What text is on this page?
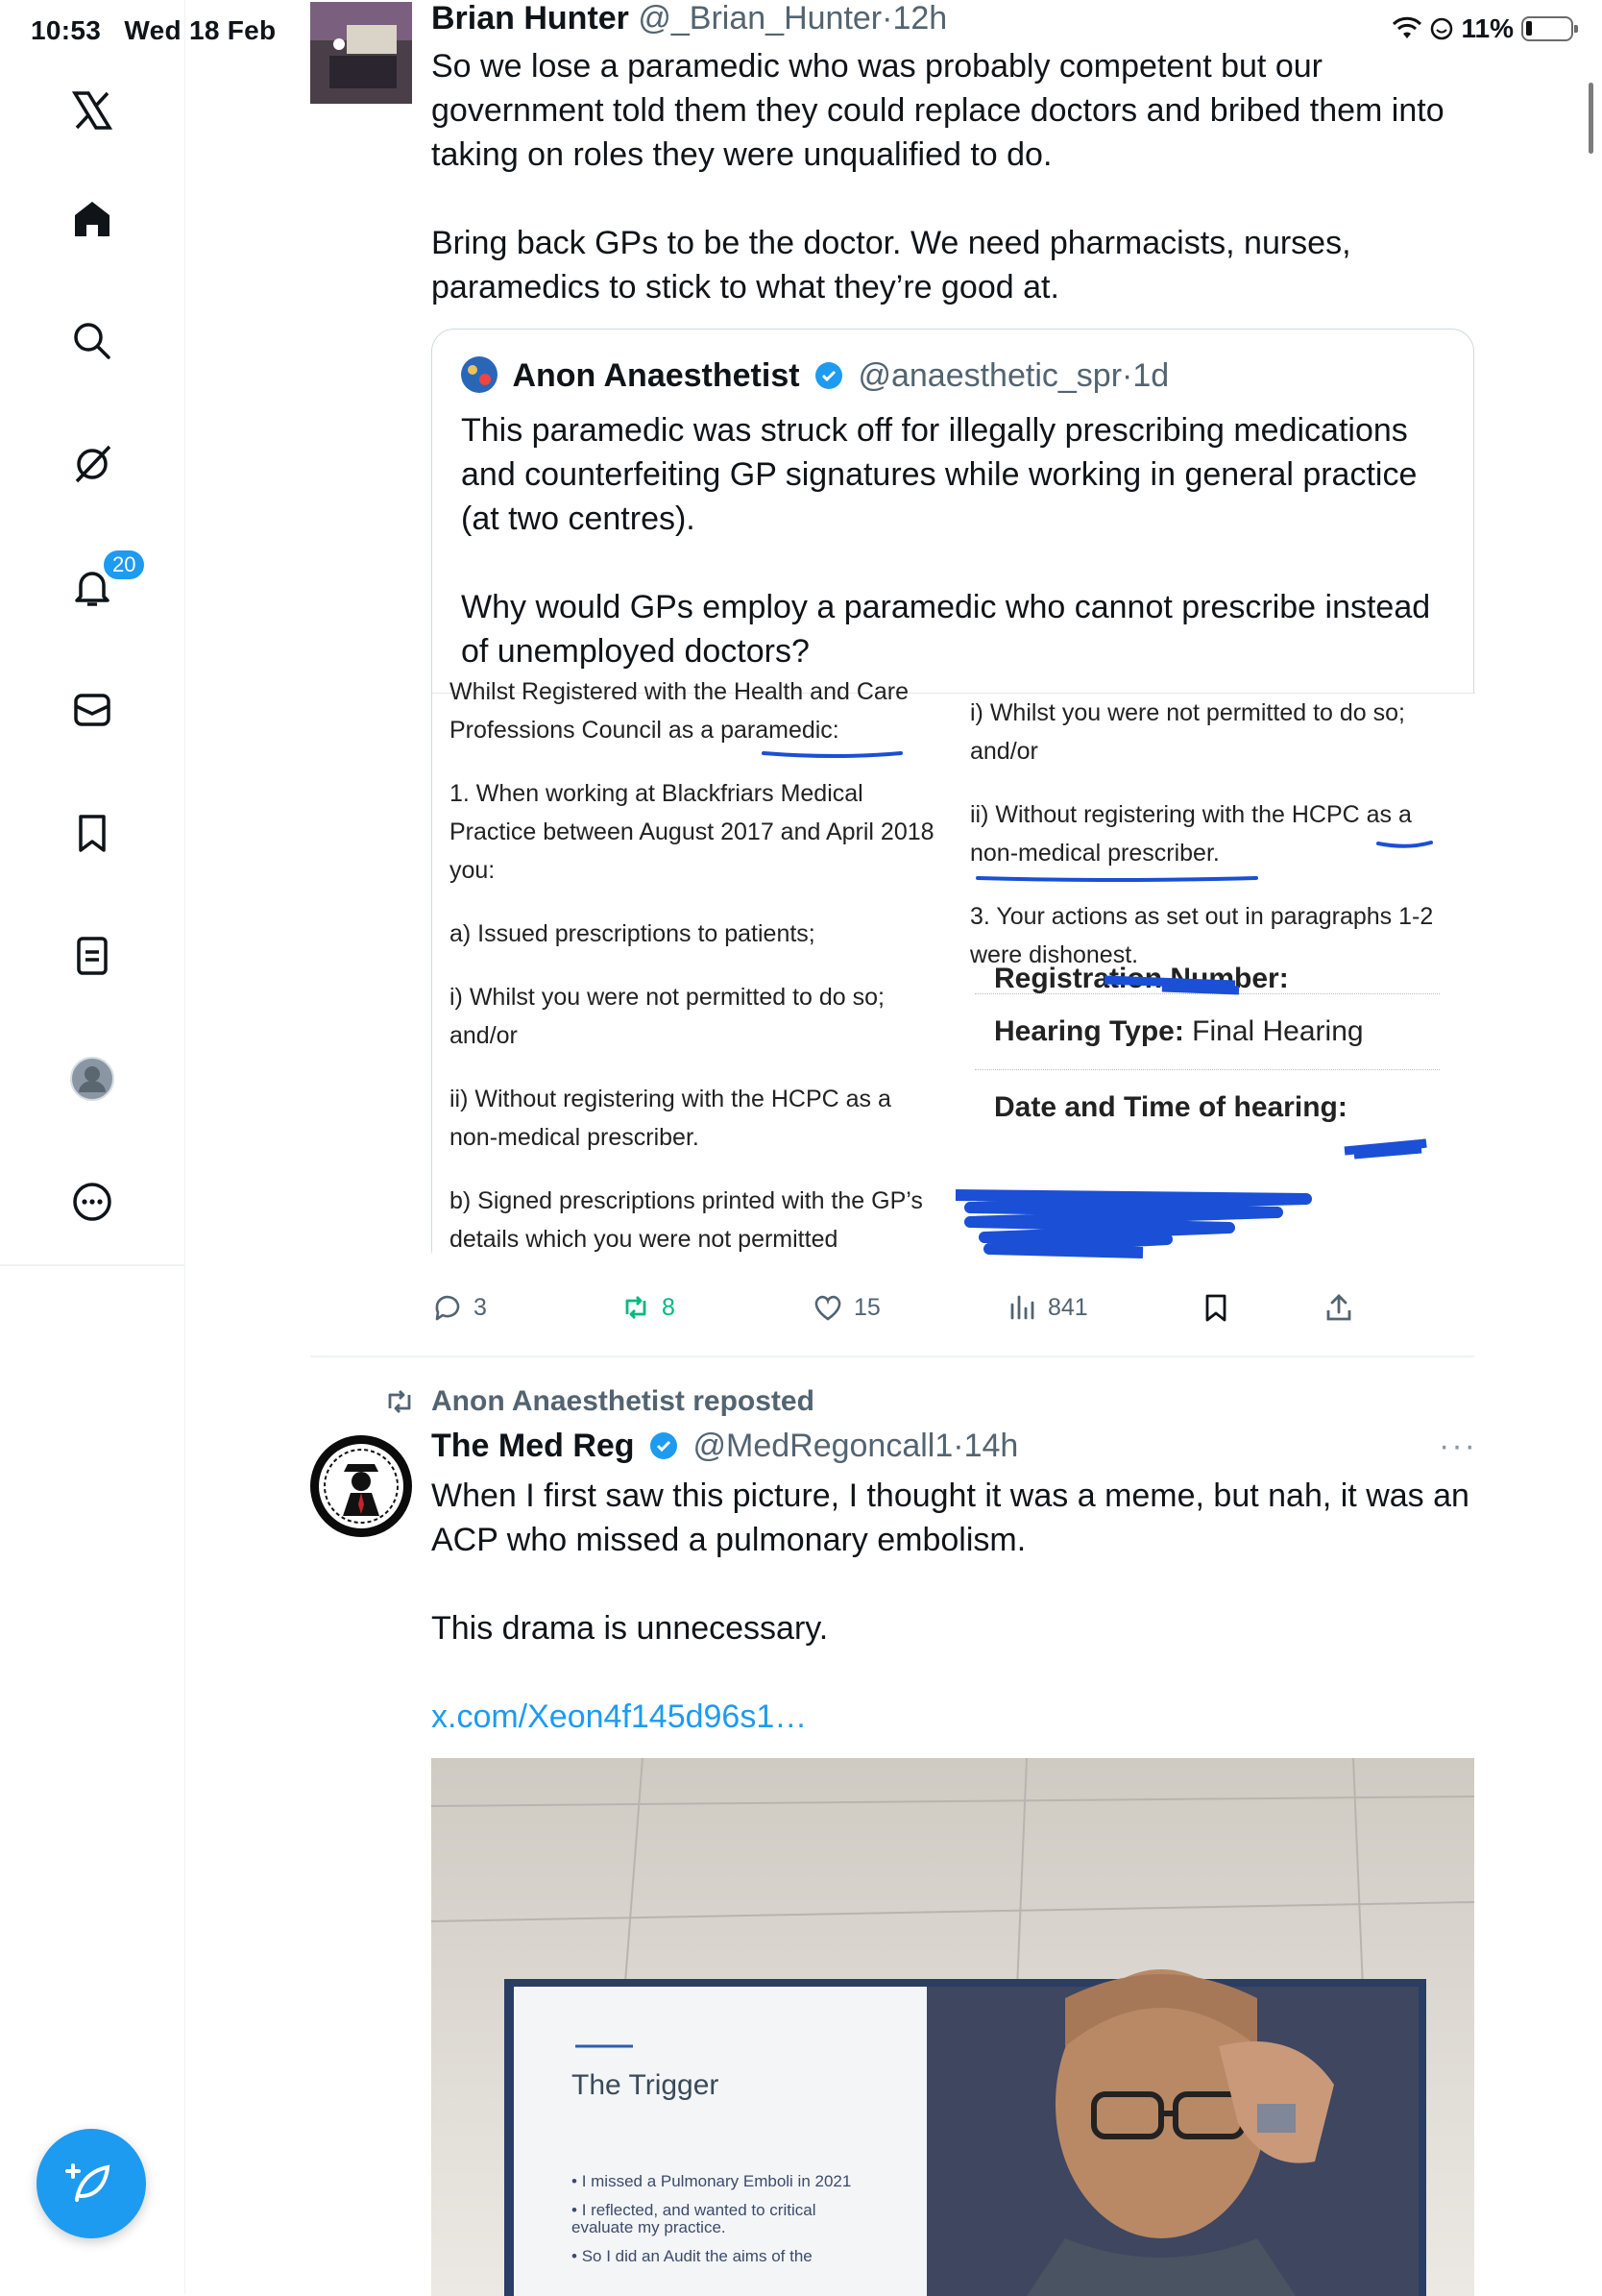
10:53 Wed 18 Feb	11%
20
Brian Hunter @_Brian_Hunter·12h

So we lose a paramedic who was probably competent but our government told them they could replace doctors and bribed them into taking on roles they were unqualified to do.

Bring back GPs to be the doctor. We need pharmacists, nurses, paramedics to stick to what they’re good at.

Anon Anaesthetist @anaesthetic_spr·1d

This paramedic was struck off for illegally prescribing medications and counterfeiting GP signatures while working in general practice (at two centres).

Why would GPs employ a paramedic who cannot prescribe instead of unemployed doctors?

Whilst Registered with the Health and Care Professions Council as a paramedic:
1. When working at Blackfriars Medical Practice between August 2017 and April 2018 you:
a) Issued prescriptions to patients;
i) Whilst you were not permitted to do so; and/or
ii) Without registering with the HCPC as a non-medical prescriber.
b) Signed prescriptions printed with the GP’s details which you were not permitted
i) Whilst you were not permitted to do so; and/or
ii) Without registering with the HCPC as a non-medical prescriber.
3. Your actions as set out in paragraphs 1-2 were dishonest.
Registration Number:
Hearing Type: Final Hearing
Date and Time of hearing:
3	8	15	841
Anon Anaesthetist reposted
The Med Reg @MedRegoncall1·14h	···

When I first saw this picture, I thought it was a meme, but nah, it was an ACP who missed a pulmonary embolism.

This drama is unnecessary.

x.com/Xeon4f145d96s1…

The Trigger
• I missed a Pulmonary Emboli in 2021
• I reflected, and wanted to critical evaluate my practice.
• So I did an Audit the aims of the
